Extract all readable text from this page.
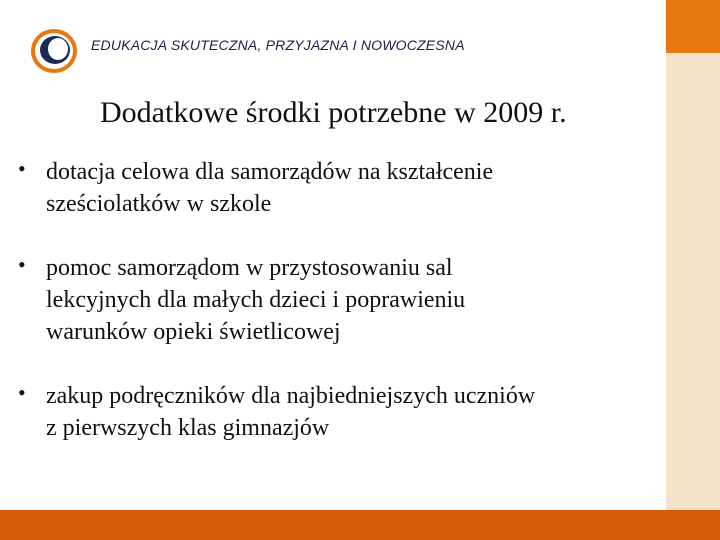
EDUKACJA SKUTECZNA, PRZYJAZNA I NOWOCZESNA
Dodatkowe środki potrzebne w 2009 r.
• dotacja celowa dla samorządów na kształcenie
sześciolatków w szkole
• pomoc samorządom w przystosowaniu sal
lekcyjnych dla małych dzieci i poprawieniu
warunków opieki świetlicowej
• zakup podręczników dla najbiedniejszych uczniów
z pierwszych klas gimnazjów
